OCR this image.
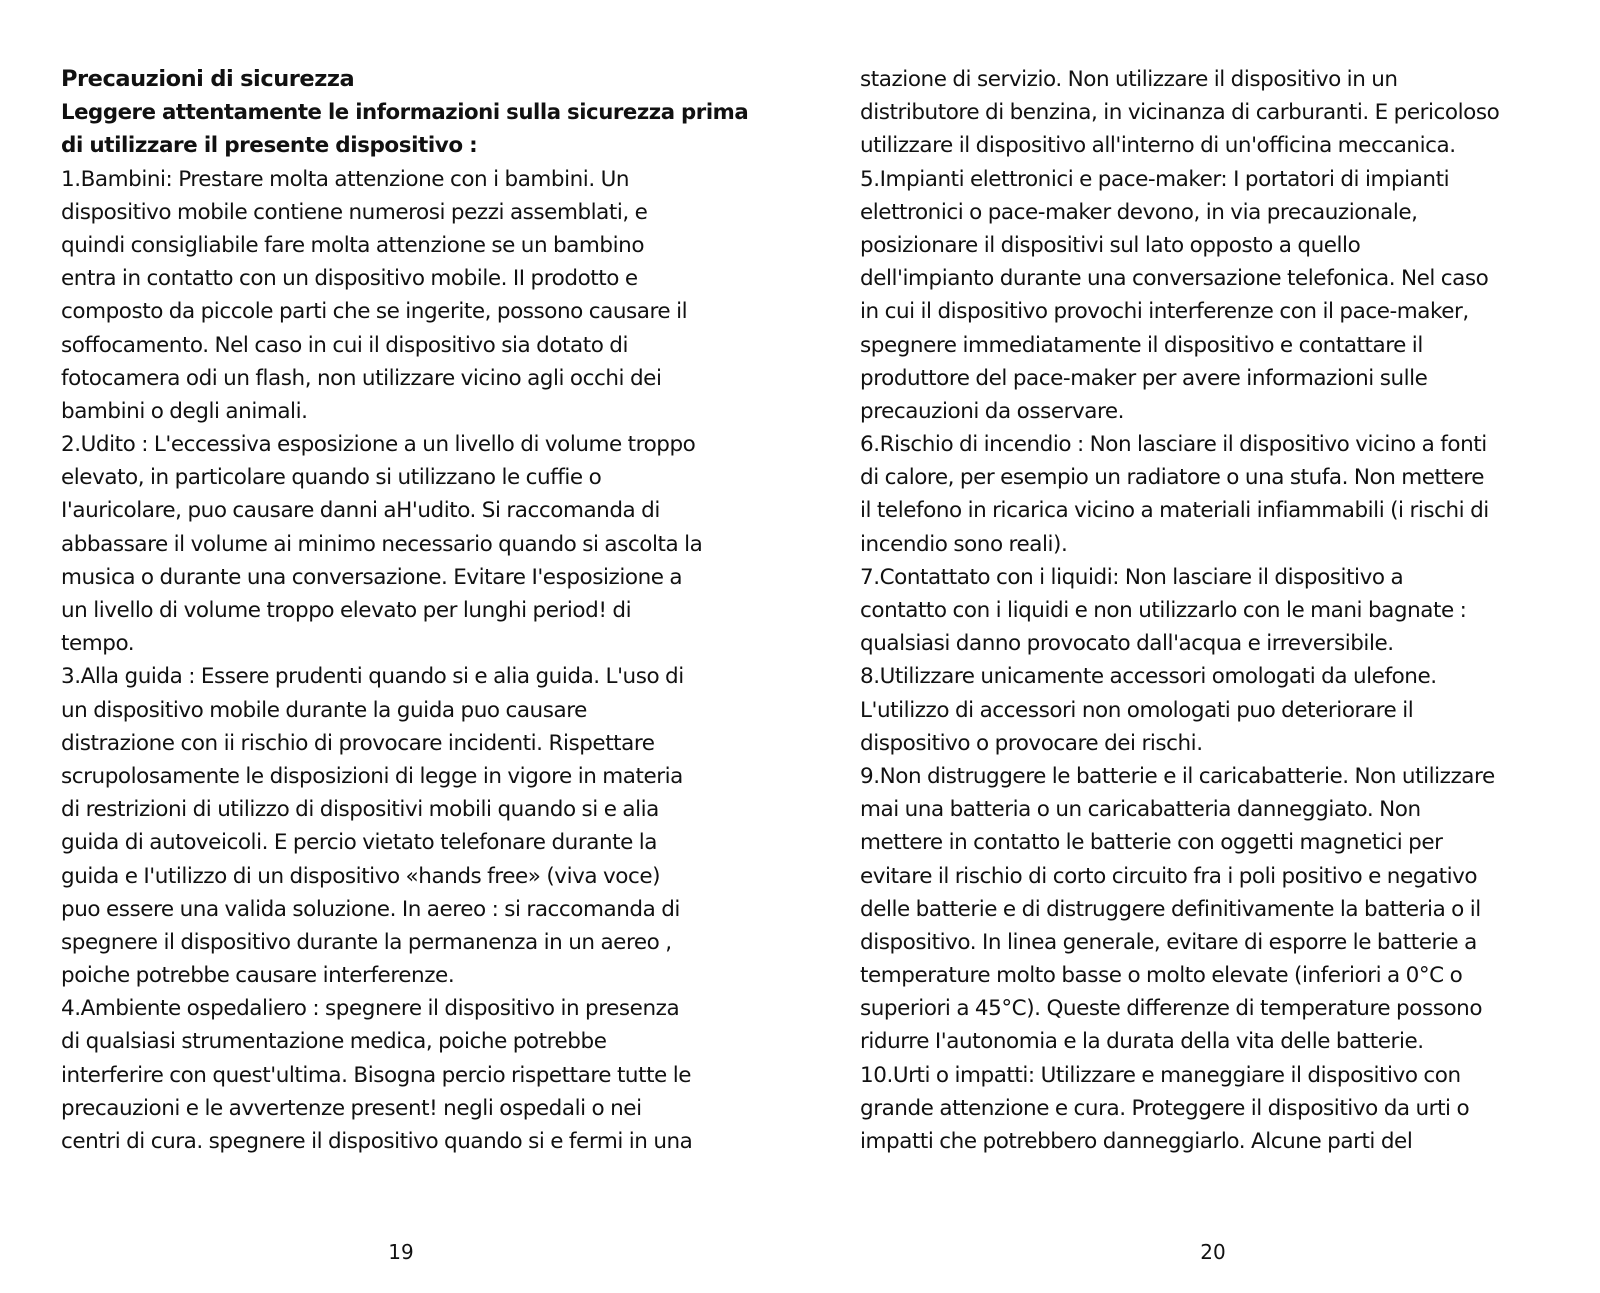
Precauzioni di sicurezza
Leggere attentamente le informazioni sulla sicurezza prima
di utilizzare il presente dispositivo :
1.Bambini: Prestare molta attenzione con i bambini. Un
dispositivo mobile contiene numerosi pezzi assemblati, e
quindi consigliabile fare molta attenzione se un bambino
entra in contatto con un dispositivo mobile. II prodotto e
composto da piccole parti che se ingerite, possono causare il
soffocamento. Nel caso in cui il dispositivo sia dotato di
fotocamera odi un flash, non utilizzare vicino agli occhi dei
bambini o degli animali.
2.Udito : L'eccessiva esposizione a un livello di volume troppo
elevato, in particolare quando si utilizzano le cuffie o
I'auricolare, puo causare danni aH'udito. Si raccomanda di
abbassare il volume ai minimo necessario quando si ascolta la
musica o durante una conversazione. Evitare I'esposizione a
un livello di volume troppo elevato per lunghi period! di
tempo.
3.Alla guida : Essere prudenti quando si e alia guida. L'uso di
un dispositivo mobile durante la guida puo causare
distrazione con ii rischio di provocare incidenti. Rispettare
scrupolosamente le disposizioni di legge in vigore in materia
di restrizioni di utilizzo di dispositivi mobili quando si e alia
guida di autoveicoli. E percio vietato telefonare durante la
guida e I'utilizzo di un dispositivo «hands free» (viva voce)
puo essere una valida soluzione. In aereo : si raccomanda di
spegnere il dispositivo durante la permanenza in un aereo ,
poiche potrebbe causare interferenze.
4.Ambiente ospedaliero : spegnere il dispositivo in presenza
di qualsiasi strumentazione medica, poiche potrebbe
interferire con quest'ultima. Bisogna percio rispettare tutte le
precauzioni e le avvertenze present! negli ospedali o nei
centri di cura. spegnere il dispositivo quando si e fermi in una
19
stazione di servizio. Non utilizzare il dispositivo in un
distributore di benzina, in vicinanza di carburanti. E pericoloso
utilizzare il dispositivo all'interno di un'officina meccanica.
5.Impianti elettronici e pace-maker: I portatori di impianti
elettronici o pace-maker devono, in via precauzionale,
posizionare il dispositivi sul lato opposto a quello
dell'impianto durante una conversazione telefonica. Nel caso
in cui il dispositivo provochi interferenze con il pace-maker,
spegnere immediatamente il dispositivo e contattare il
produttore del pace-maker per avere informazioni sulle
precauzioni da osservare.
6.Rischio di incendio : Non lasciare il dispositivo vicino a fonti
di calore, per esempio un radiatore o una stufa. Non mettere
il telefono in ricarica vicino a materiali infiammabili (i rischi di
incendio sono reali).
7.Contattato con i liquidi: Non lasciare il dispositivo a
contatto con i liquidi e non utilizzarlo con le mani bagnate :
qualsiasi danno provocato dall'acqua e irreversibile.
8.Utilizzare unicamente accessori omologati da ulefone.
L'utilizzo di accessori non omologati puo deteriorare il
dispositivo o provocare dei rischi.
9.Non distruggere le batterie e il caricabatterie. Non utilizzare
mai una batteria o un caricabatteria danneggiato. Non
mettere in contatto le batterie con oggetti magnetici per
evitare il rischio di corto circuito fra i poli positivo e negativo
delle batterie e di distruggere definitivamente la batteria o il
dispositivo. In linea generale, evitare di esporre le batterie a
temperature molto basse o molto elevate (inferiori a 0°C o
superiori a 45°C). Queste differenze di temperature possono
ridurre I'autonomia e la durata della vita delle batterie.
10.Urti o impatti: Utilizzare e maneggiare il dispositivo con
grande attenzione e cura. Proteggere il dispositivo da urti o
impatti che potrebbero danneggiarlo. Alcune parti del
20
